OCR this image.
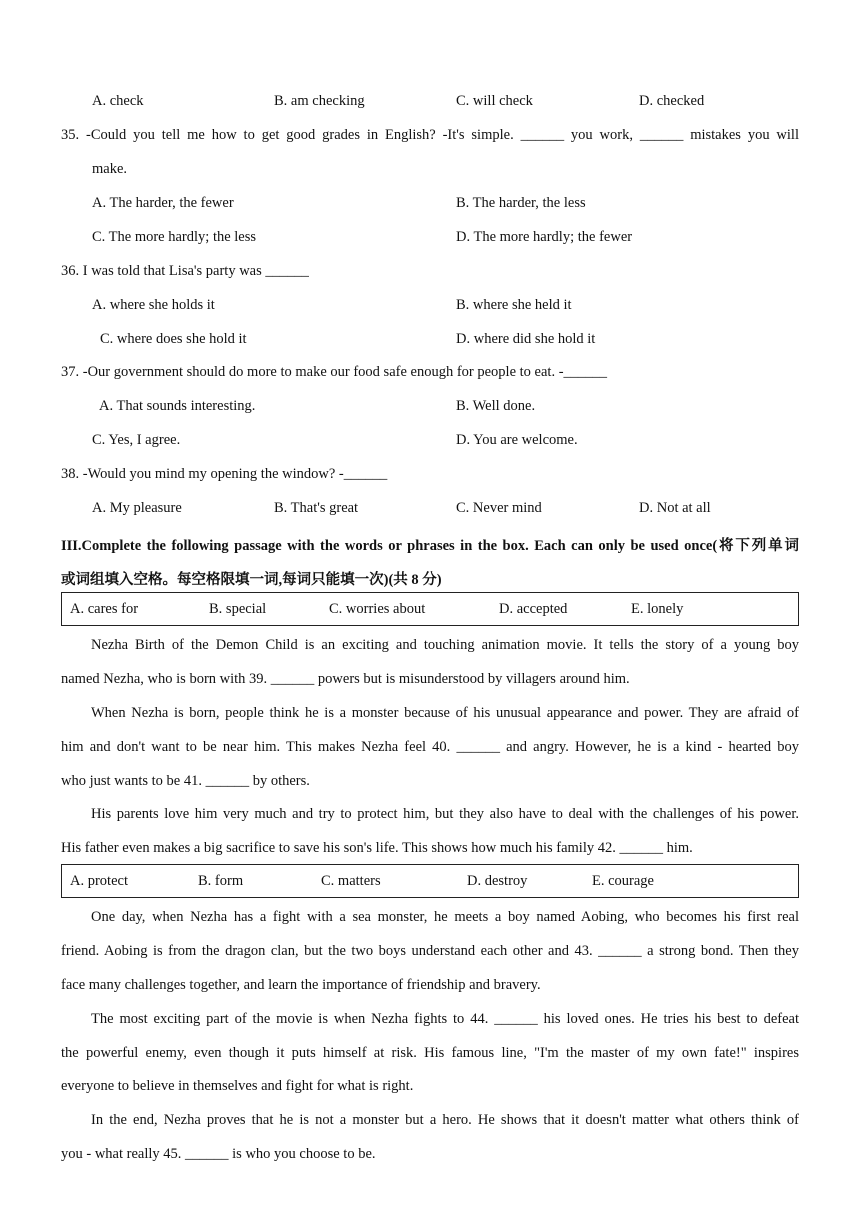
A. check	B. am checking	C. will check	D. checked
35. -Could you tell me how to get good grades in English? -It's simple. ______ you work, ______ mistakes you will
make.
A. The harder, the fewer	B. The harder, the less
C. The more hardly; the less	D. The more hardly; the fewer
36. I was told that Lisa's party was ______
A. where she holds it	B. where she held it
C. where does she hold it	D. where did she hold it
37. -Our government should do more to make our food safe enough for people to eat. -______
A. That sounds interesting.	B. Well done.
C. Yes, I agree.	D. You are welcome.
38. -Would you mind my opening the window? -______
A. My pleasure	B. That's great	C. Never mind	D. Not at all
III.Complete the following passage with the words or phrases in the box. Each can only be used once(将下列单词
或词组填入空格。每空格限填一词,每词只能填一次)(共 8 分)
A. cares for	B. special	C. worries about	D. accepted	E. lonely
Nezha Birth of the Demon Child is an exciting and touching animation movie. It tells the story of a young boy
named Nezha, who is born with 39. ______ powers but is misunderstood by villagers around him.
When Nezha is born, people think he is a monster because of his unusual appearance and power. They are afraid of
him and don't want to be near him. This makes Nezha feel 40. ______ and angry. However, he is a kind - hearted boy
who just wants to be 41. ______ by others.
His parents love him very much and try to protect him, but they also have to deal with the challenges of his power.
His father even makes a big sacrifice to save his son's life. This shows how much his family 42. ______ him.
A. protect	B. form	C. matters	D. destroy	E. courage
One day, when Nezha has a fight with a sea monster, he meets a boy named Aobing, who becomes his first real
friend. Aobing is from the dragon clan, but the two boys understand each other and 43. ______ a strong bond. Then they
face many challenges together, and learn the importance of friendship and bravery.
The most exciting part of the movie is when Nezha fights to 44. ______ his loved ones. He tries his best to defeat
the powerful enemy, even though it puts himself at risk. His famous line, "I'm the master of my own fate!" inspires
everyone to believe in themselves and fight for what is right.
In the end, Nezha proves that he is not a monster but a hero. He shows that it doesn't matter what others think of
you - what really 45. ______ is who you choose to be.
